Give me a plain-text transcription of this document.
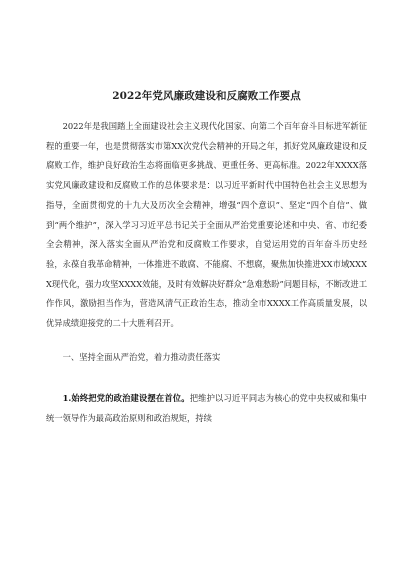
2022年党风廉政建设和反腐败工作要点

2022年是我国踏上全面建设社会主义现代化国家、向第二个百年奋斗目标进军新征程的重要一年，也是贯彻落实市第XX次党代会精神的开局之年，抓好党风廉政建设和反腐败工作，维护良好政治生态将面临更多挑战、更重任务、更高标准。2022年XXXX落实党风廉政建设和反腐败工作的总体要求是：以习近平新时代中国特色社会主义思想为指导，全面贯彻党的十九大及历次全会精神，增强“四个意识”、坚定“四个自信”、做到“两个维护”，深入学习习近平总书记关于全面从严治党重要论述和中央、省、市纪委全会精神，深入落实全面从严治党和反腐败工作要求，自觉运用党的百年奋斗历史经验，永葆自我革命精神，一体推进不敢腐、不能腐、不想腐，聚焦加快推进XX市域XXXX现代化，强力攻坚XXXX效能，及时有效解决好群众“急难愁盼”问题目标，不断改进工作作风，激励担当作为，营造风清气正政治生态，推动全市XXXX工作高质量发展，以优异成绩迎接党的二十大胜利召开。

一、坚持全面从严治党，着力推动责任落实

1.始终把党的政治建设摆在首位。把维护以习近平同志为核心的党中央权威和集中统一领导作为最高政治原则和政治规矩，持续
